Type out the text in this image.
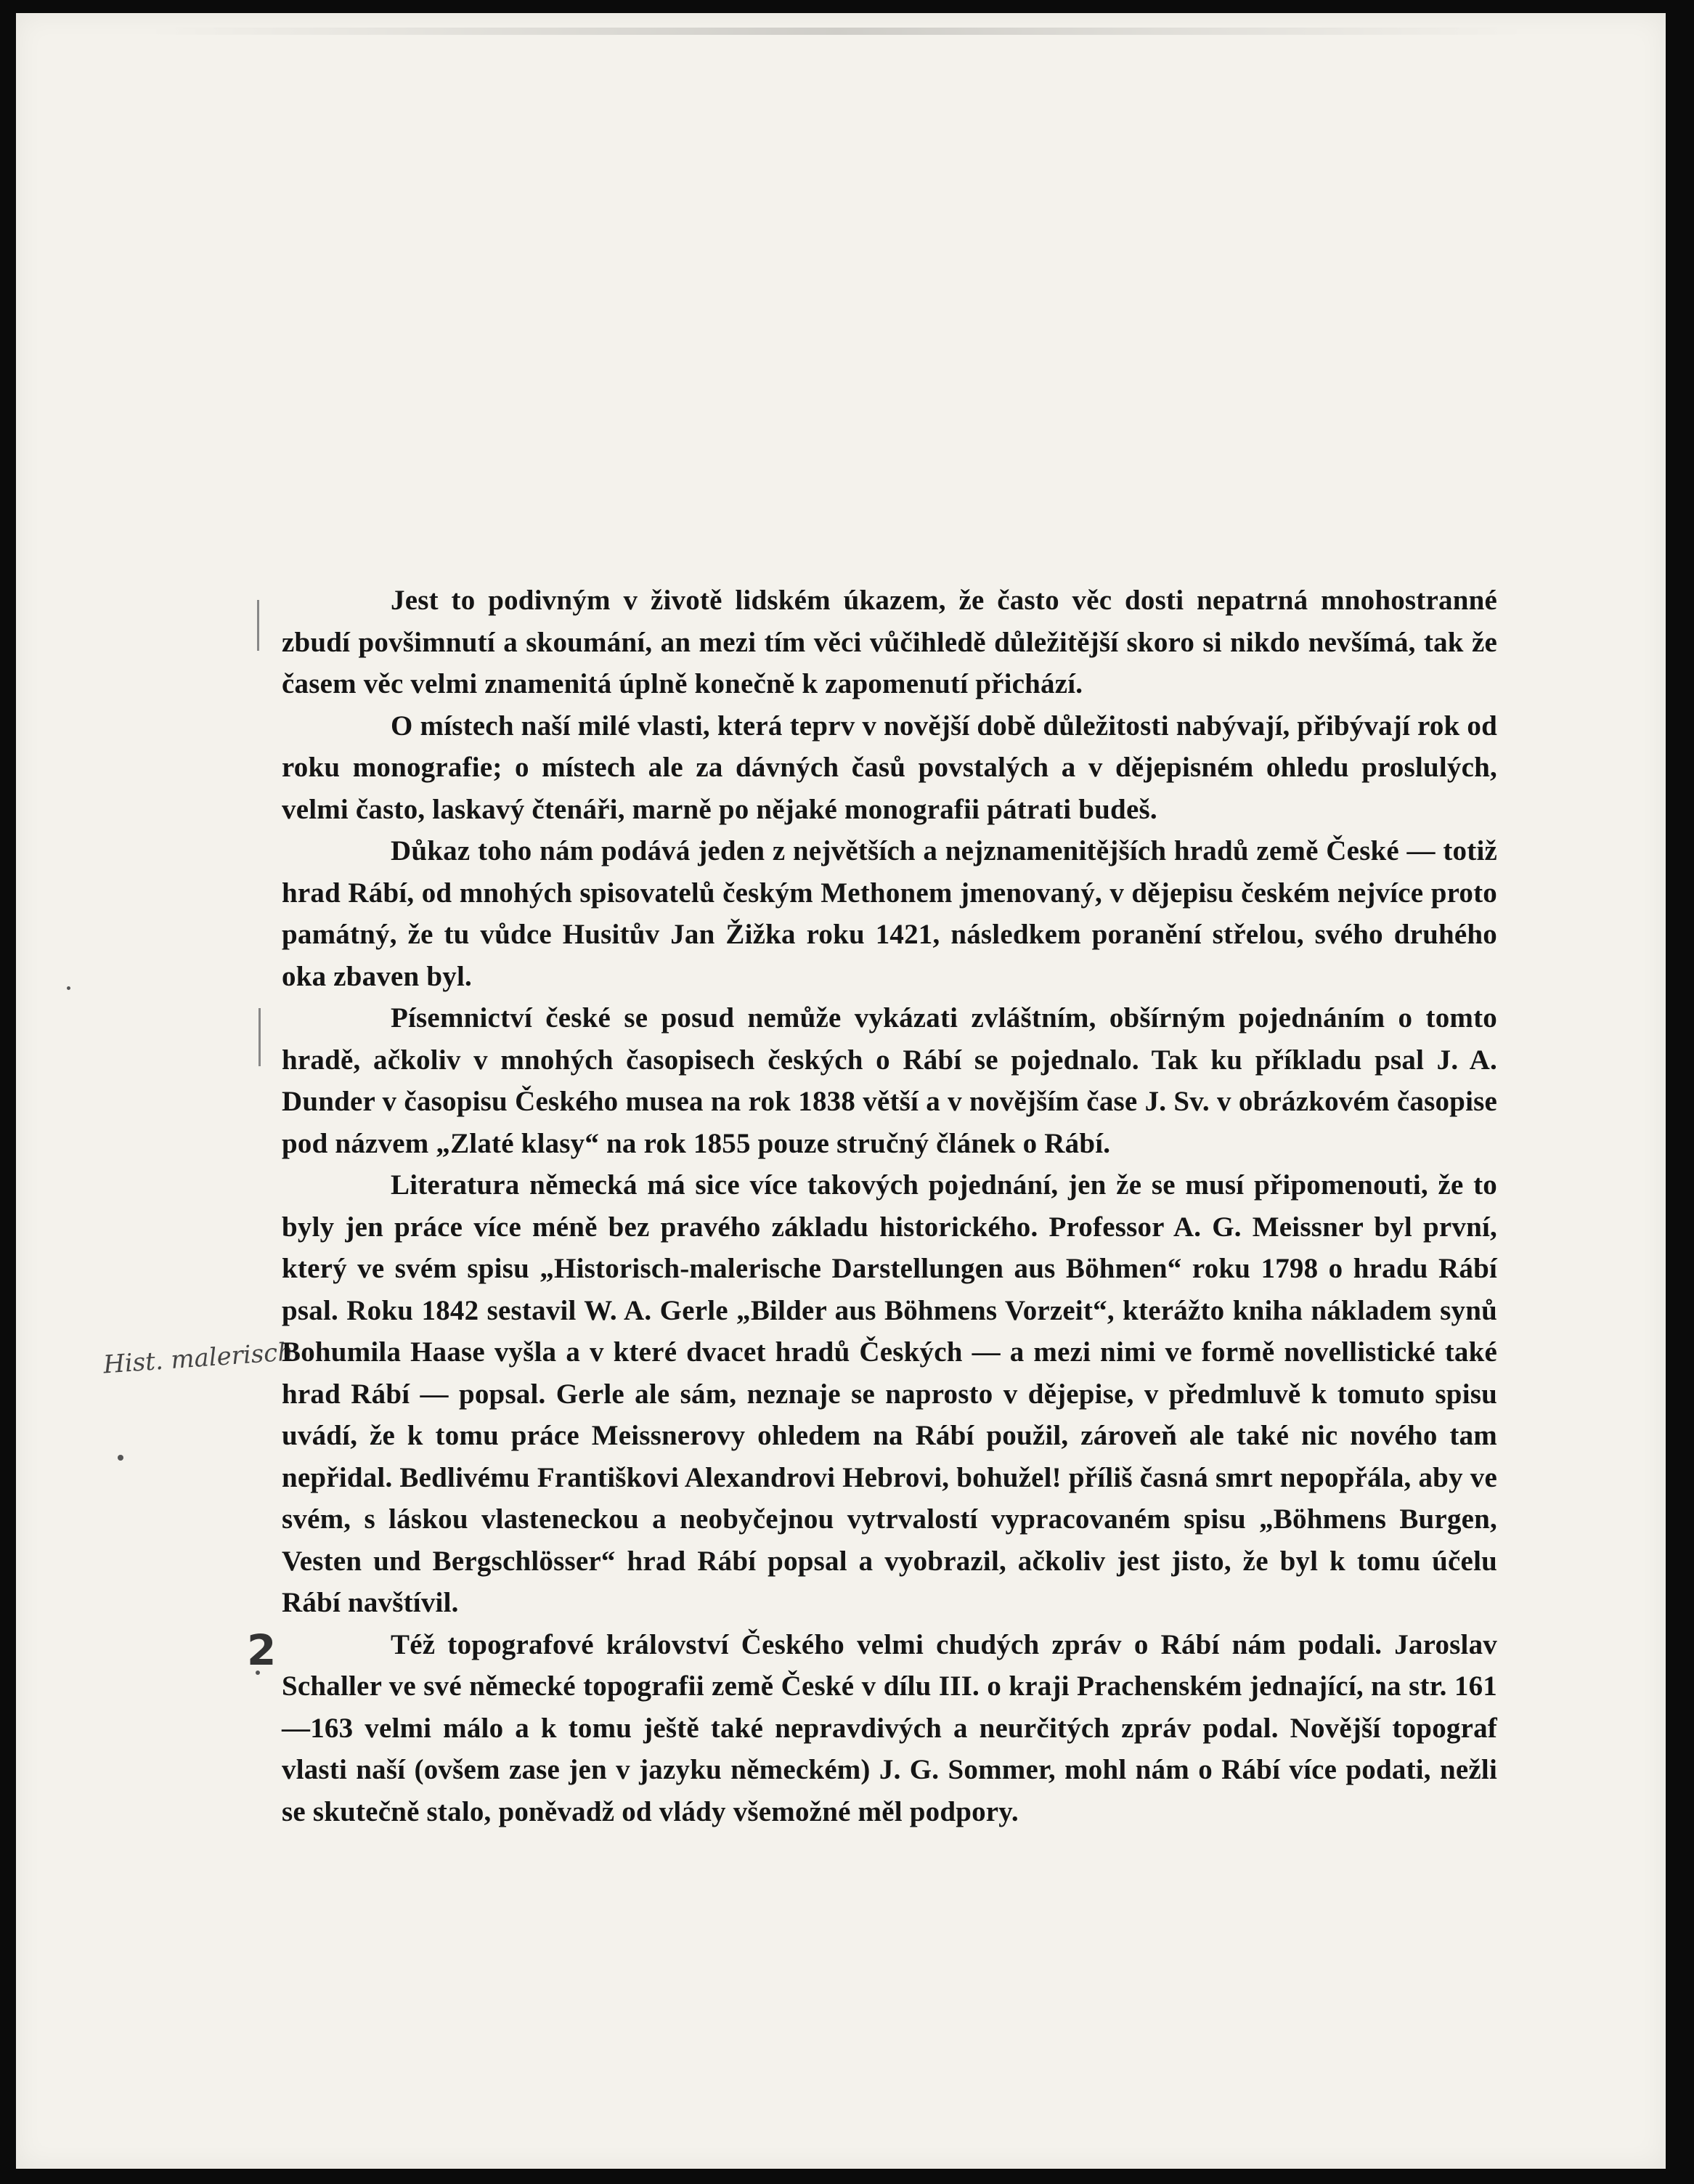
Hist. malerisch.
2

Jest to podivným v životě lidském úkazem, že často věc dosti nepatrná mnohostranné zbudí povšimnutí a skoumání, an mezi tím věci vůčihledě důležitější skoro si nikdo nevšímá, tak že časem věc velmi znamenitá úplně konečně k zapomenutí přichází.

O místech naší milé vlasti, která teprv v novější době důležitosti nabývají, přibývají rok od roku monografie; o místech ale za dávných časů povstalých a v dějepisném ohledu proslulých, velmi často, laskavý čtenáři, marně po nějaké monografii pátrati budeš.

Důkaz toho nám podává jeden z největších a nejznamenitějších hradů země České — totiž hrad Rábí, od mnohých spisovatelů českým Methonem jmenovaný, v dějepisu českém nejvíce proto památný, že tu vůdce Husitův Jan Žižka roku 1421, následkem poranění střelou, svého druhého oka zbaven byl.

Písemnictví české se posud nemůže vykázati zvláštním, obšírným pojednáním o tomto hradě, ačkoliv v mnohých časopisech českých o Rábí se pojednalo. Tak ku příkladu psal J. A. Dunder v časopisu Českého musea na rok 1838 větší a v novějším čase J. Sv. v obrázkovém časopise pod názvem „Zlaté klasy“ na rok 1855 pouze stručný článek o Rábí.

Literatura německá má sice více takových pojednání, jen že se musí připomenouti, že to byly jen práce více méně bez pravého základu historického. Professor A. G. Meissner byl první, který ve svém spisu „Historisch-malerische Darstellungen aus Böhmen“ roku 1798 o hradu Rábí psal. Roku 1842 sestavil W. A. Gerle „Bilder aus Böhmens Vorzeit“, kterážto kniha nákladem synů Bohumila Haase vyšla a v které dvacet hradů Českých — a mezi nimi ve formě novellistické také hrad Rábí — popsal. Gerle ale sám, neznaje se naprosto v dějepise, v předmluvě k tomuto spisu uvádí, že k tomu práce Meissnerovy ohledem na Rábí použil, zároveň ale také nic nového tam nepřidal. Bedlivému Františkovi Alexandrovi Hebrovi, bohužel! příliš časná smrt nepopřála, aby ve svém, s láskou vlasteneckou a neobyčejnou vytrvalostí vypracovaném spisu „Böhmens Burgen, Vesten und Bergschlösser“ hrad Rábí popsal a vyobrazil, ačkoliv jest jisto, že byl k tomu účelu Rábí navštívil.

Též topografové království Českého velmi chudých zpráv o Rábí nám podali. Jaroslav Schaller ve své německé topografii země České v dílu III. o kraji Prachenském jednající, na str. 161—163 velmi málo a k tomu ještě také nepravdivých a neurčitých zpráv podal. Novější topograf vlasti naší (ovšem zase jen v jazyku německém) J. G. Sommer, mohl nám o Rábí více podati, nežli se skutečně stalo, poněvadž od vlády všemožné měl podpory.
